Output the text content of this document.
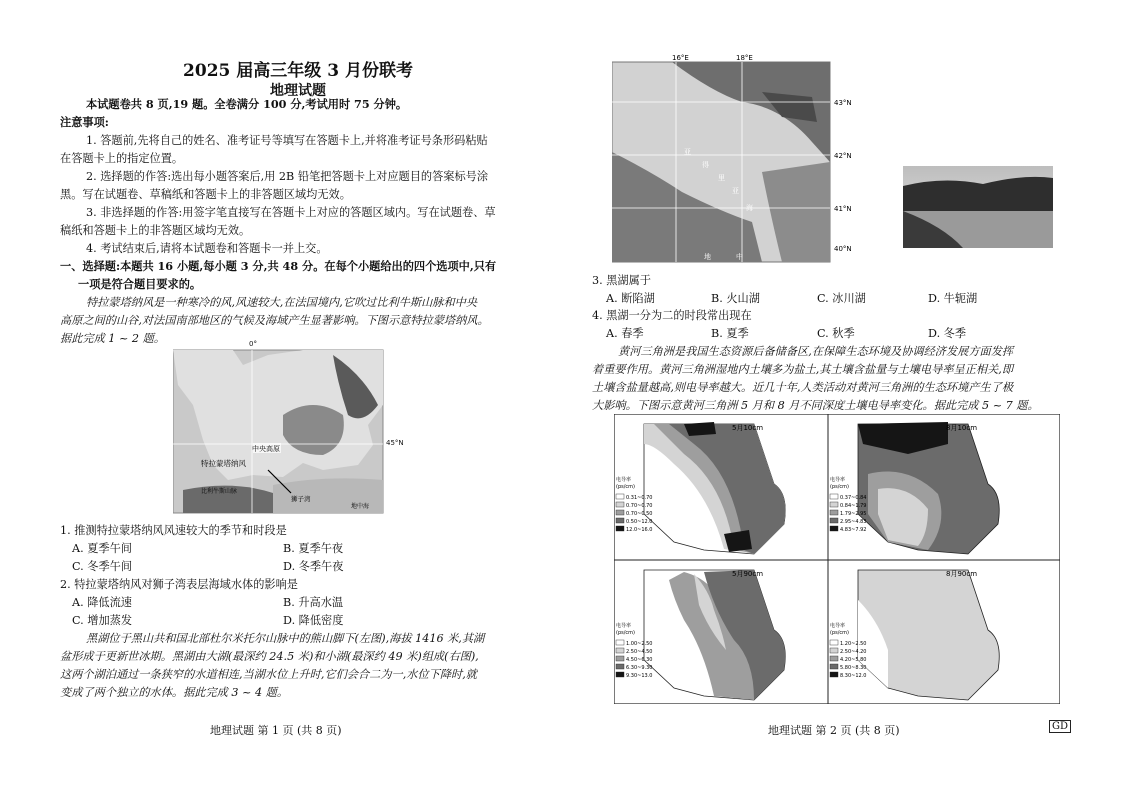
2025 届高三年级 3 月份联考
地理试题
本试题卷共 8 页,19 题。全卷满分 100 分,考试用时 75 分钟。
注意事项:
1. 答题前,先将自己的姓名、准考证号等填写在答题卡上,并将准考证号条形码粘贴
在答题卡上的指定位置。
2. 选择题的作答:选出每小题答案后,用 2B 铅笔把答题卡上对应题目的答案标号涂
黑。写在试题卷、草稿纸和答题卡上的非答题区域均无效。
3. 非选择题的作答:用签字笔直接写在答题卡上对应的答题区域内。写在试题卷、草
稿纸和答题卡上的非答题区域均无效。
4. 考试结束后,请将本试题卷和答题卡一并上交。
一、选择题:本题共 16 小题,每小题 3 分,共 48 分。在每个小题给出的四个选项中,只有
一项是符合题目要求的。
特拉蒙塔纳风是一种寒冷的风,风速较大,在法国境内,它吹过比利牛斯山脉和中央
高原之间的山谷,对法国南部地区的气候及海域产生显著影响。下图示意特拉蒙塔纳风。
据此完成 1 ~ 2 题。
中央高原
特拉蒙塔纳风
比利牛斯山脉
狮子湾
地中海
0°
45°N
1. 推测特拉蒙塔纳风风速较大的季节和时段是
A. 夏季午间	B. 夏季午夜
C. 冬季午间	D. 冬季午夜
2. 特拉蒙塔纳风对狮子湾表层海域水体的影响是
A. 降低流速	B. 升高水温
C. 增加蒸发	D. 降低密度
黑湖位于黑山共和国北部杜尔米托尔山脉中的熊山脚下(左图),海拔 1416 米,其湖
盆形成于更新世冰期。黑湖由大湖(最深约 24.5 米)和小湖(最深约 49 米)组成(右图),
这两个湖泊通过一条狭窄的水道相连,当湖水位上升时,它们会合二为一,水位下降时,就
变成了两个独立的水体。据此完成 3 ~ 4 题。
地理试题 第 1 页 (共 8 页)
16°E	18°E
43°N
42°N
41°N
40°N
亚
得
里
亚
海
地	中
3. 黑湖属于
A. 断陷湖	B. 火山湖	C. 冰川湖	D. 牛轭湖
4. 黑湖一分为二的时段常出现在
A. 春季	B. 夏季	C. 秋季	D. 冬季
黄河三角洲是我国生态资源后备储备区,在保障生态环境及协调经济发展方面发挥
着重要作用。黄河三角洲湿地内土壤多为盐土,其土壤含盐量与土壤电导率呈正相关,即
土壤含盐量越高,则电导率越大。近几十年,人类活动对黄河三角洲的生态环境产生了极
大影响。下图示意黄河三角洲 5 月和 8 月不同深度土壤电导率变化。据此完成 5 ~ 7 题。
5月10cm
电导率
(ps/cm)
0.31~0.70
0.70~0.70
0.70~0.50
0.50~12.0
12.0~16.0
8月10cm
电导率
(ps/cm)
0.37~0.84
0.84~1.79
1.79~2.95
2.95~4.83
4.83~7.92
5月90cm
电导率
(ps/cm)
1.00~2.50
2.50~4.50
4.50~6.30
6.30~9.30
9.30~13.0
8月90cm
电导率
(ps/cm)
1.20~2.50
2.50~4.20
4.20~5.80
5.80~8.30
8.30~12.0
地理试题 第 2 页 (共 8 页)	GD
